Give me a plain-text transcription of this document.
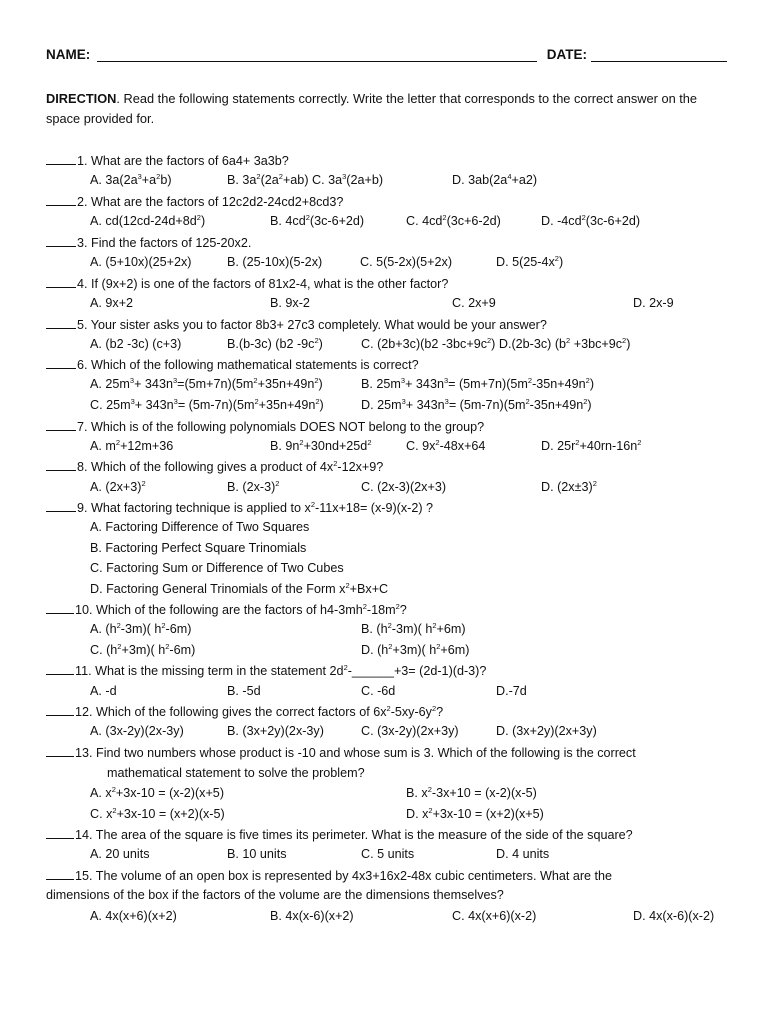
NAME:	DATE:
DIRECTION. Read the following statements correctly. Write the letter that corresponds to the correct answer on the space provided for.
1. What are the factors of 6a4+ 3a3b?
A. $3a(2a^3+a^2b)$	B. $3a^2(2a^2+ab)$ C. $3a^3(2a+b)$	D. $3ab(2a^4+a2)$
2. What are the factors of 12c2d2-24cd2+8cd3?
A. $cd(12cd-24d+8d^2)$	B. $4cd^2(3c-6+2d)$	C. $4cd^2(3c+6-2d)$	D. $-4cd^2(3c-6+2d)$
3. Find the factors of 125-20x2.
A. (5+10x)(25+2x)	B. (25-10x)(5-2x)	C. 5(5-2x)(5+2x)	D. $5(25-4x^2)$
4. If (9x+2) is one of the factors of 81x2-4, what is the other factor?
A. 9x+2	B. 9x-2	C. 2x+9	D. 2x-9
5. Your sister asks you to factor 8b3+ 27c3 completely. What would be your answer?
A. (b2 -3c) (c+3)	B.(b-3c) (b2 $-9c^2$)	C. (2b+3c)(b2 $-3bc+9c^2$) D.(2b-3c) $(b^2 +3bc+9c^2)$
6. Which of the following mathematical statements is correct?
A. $25m^3+ 343n^3=(5m+7n)(5m^2+35n+49n^2)$	B. $25m^3+ 343n^3= (5m+7n)(5m^2-35n+49n^2)$
C. $25m^3+ 343n^3= (5m-7n)(5m^2+35n+49n^2)$	D. $25m^3+ 343n^3= (5m-7n)(5m^2-35n+49n^2)$
7. Which is of the following polynomials DOES NOT belong to the group?
A. $m^2+12m+36$	B. $9n^2+30nd+25d^2$	C. $9x^2-48x+64$	D. $25r^2+40rn-16n^2$
8. Which of the following gives a product of $4x^2-12x+9$?
A. $(2x+3)^2$	B. $(2x-3)^2$	C. (2x-3)(2x+3)	D. $(2x\pm 3)^2$
9. What factoring technique is applied to $x^2-11x+18= (x-9)(x-2)$ ?
A. Factoring Difference of Two Squares
B. Factoring Perfect Square Trinomials
C. Factoring Sum or Difference of Two Cubes
D. Factoring General Trinomials of the Form $x^2+Bx+C$
10. Which of the following are the factors of $h4-3mh^2-18m^2$?
A. $(h^2-3m)$( $h^2-6m$)	B. $(h^2-3m)$( $h^2+6m$)
C. $(h^2+3m)$( $h^2-6m$)	D. $(h^2+3m)$( $h^2+6m$)
11. What is the missing term in the statement $2d^2-\_\_\_\_\_\_+3= (2d-1)(d-3)$?
A. -d	B. -5d	C. -6d	D.-7d
12. Which of the following gives the correct factors of $6x^2-5xy-6y^2$?
A. (3x-2y)(2x-3y)	B. (3x+2y)(2x-3y)	C. (3x-2y)(2x+3y)	D. (3x+2y)(2x+3y)
13. Find two numbers whose product is -10 and whose sum is 3. Which of the following is the correct
mathematical statement to solve the problem?
A. $x^2+3x-10 = (x-2)(x+5)$	B. $x^2-3x+10 = (x-2)(x-5)$
C. $x^2+3x-10 = (x+2)(x-5)$	D. $x^2+3x-10 = (x+2)(x+5)$
14. The area of the square is five times its perimeter. What is the measure of the side of the square?
A. 20 units	B. 10 units	C. 5 units	D. 4 units
15. The volume of an open box is represented by 4x3+16x2-48x cubic centimeters. What are the
dimensions of the box if the factors of the volume are the dimensions themselves?
A. 4x(x+6)(x+2)	B. 4x(x-6)(x+2)	C. 4x(x+6)(x-2)	D. 4x(x-6)(x-2)
